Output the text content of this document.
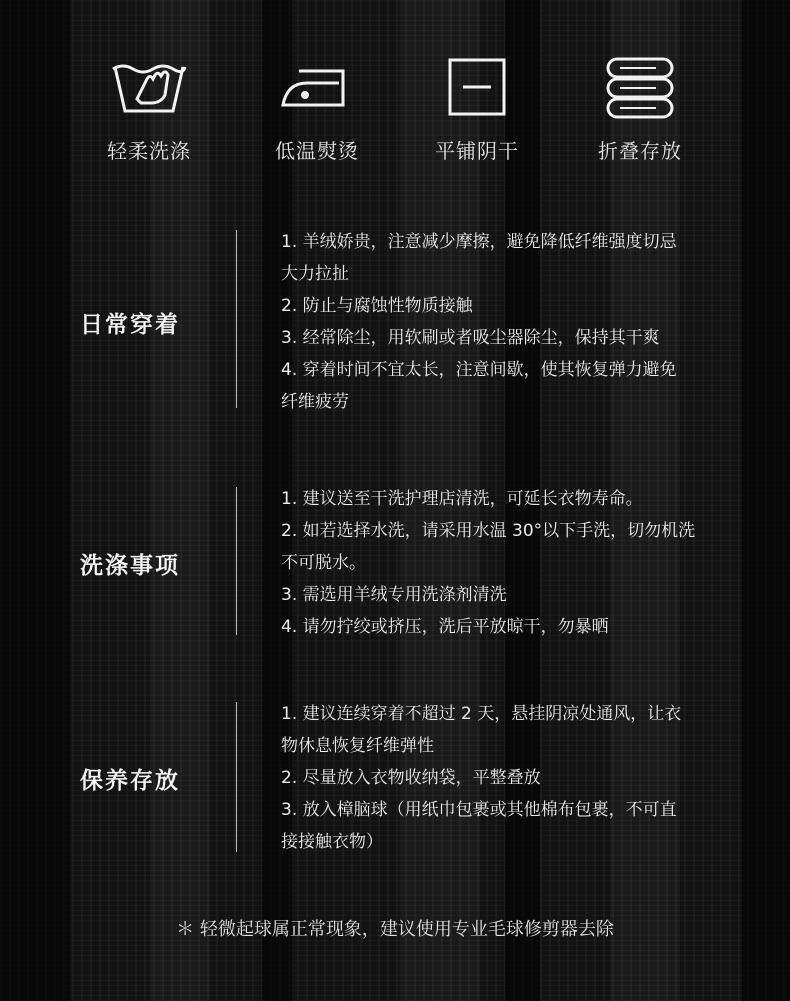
轻柔洗涤	低温熨烫	平铺阴干	折叠存放
日常穿着

1. 羊绒娇贵，注意减少摩擦，避免降低纤维强度切忌

大力拉扯

2. 防止与腐蚀性物质接触

3. 经常除尘，用软刷或者吸尘器除尘，保持其干爽

4. 穿着时间不宜太长，注意间歇，使其恢复弹力避免

纤维疲劳

洗涤事项

1. 建议送至干洗护理店清洗，可延长衣物寿命。

2. 如若选择水洗，请采用水温 30°以下手洗，切勿机洗

不可脱水。

3. 需选用羊绒专用洗涤剂清洗

4. 请勿拧绞或挤压，洗后平放晾干，勿暴晒

保养存放

1. 建议连续穿着不超过 2 天，悬挂阴凉处通风，让衣

物休息恢复纤维弹性

2. 尽量放入衣物收纳袋，平整叠放

3. 放入樟脑球（用纸巾包裹或其他棉布包裹，不可直

接接触衣物）

＊ 轻微起球属正常现象，建议使用专业毛球修剪器去除
